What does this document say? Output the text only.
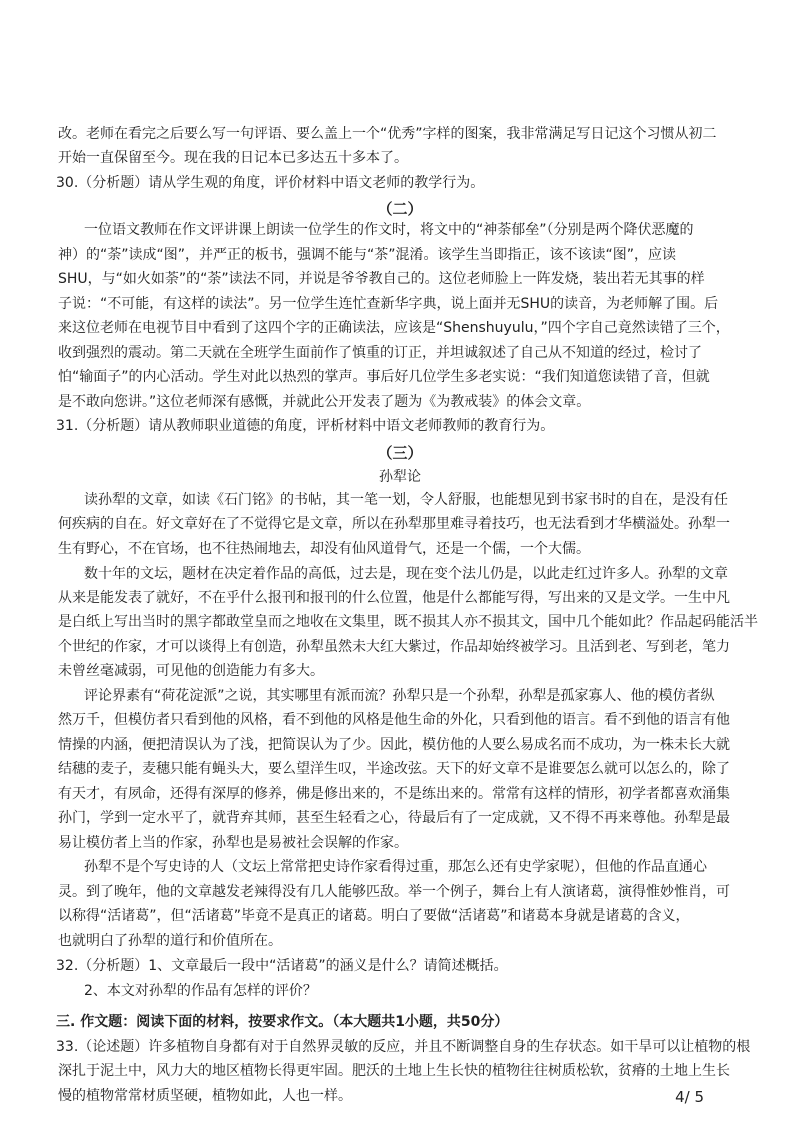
改。老师在看完之后要么写一句评语、要么盖上一个“优秀”字样的图案，我非常满足写日记这个习惯从初二
开始一直保留至今。现在我的日记本已多达五十多本了。
30.（分析题）请从学生观的角度，评价材料中语文老师的教学行为。
（二）
一位语文教师在作文评讲课上朗读一位学生的作文时，将文中的“神荼郁垒”（分别是两个降伏恶魔的
神）的“荼”读成“图”，并严正的板书，强调不能与“茶”混淆。该学生当即指正，该不该读“图”，应读
SHU，与“如火如荼”的“荼”读法不同，并说是爷爷教自己的。这位老师脸上一阵发烧，装出若无其事的样
子说：“不可能，有这样的读法”。另一位学生连忙查新华字典，说上面并无SHU的读音，为老师解了围。后
来这位老师在电视节目中看到了这四个字的正确读法，应该是“Shenshuyulu，”四个字自己竟然读错了三个，
收到强烈的震动。第二天就在全班学生面前作了慎重的订正，并坦诚叙述了自己从不知道的经过，检讨了
怕“输面子”的内心活动。学生对此以热烈的掌声。事后好几位学生多老实说：“我们知道您读错了音，但就
是不敢向您讲。”这位老师深有感慨，并就此公开发表了题为《为教戒装》的体会文章。
31.（分析题）请从教师职业道德的角度，评析材料中语文老师教师的教育行为。
（三）
孙犁论
读孙犁的文章，如读《石门铭》的书帖，其一笔一划，令人舒服，也能想见到书家书时的自在，是没有任
何疾病的自在。好文章好在了不觉得它是文章，所以在孙犁那里难寻着技巧，也无法看到才华横溢处。孙犁一
生有野心，不在官场，也不往热闹地去，却没有仙风道骨气，还是一个儒，一个大儒。
数十年的文坛，题材在决定着作品的高低，过去是，现在变个法儿仍是，以此走红过许多人。孙犁的文章
从来是能发表了就好，不在乎什么报刊和报刊的什么位置，他是什么都能写得，写出来的又是文学。一生中凡
是白纸上写出当时的黑字都敢堂皇而之地收在文集里，既不损其人亦不损其文，国中几个能如此？作品起码能活半
个世纪的作家，才可以谈得上有创造，孙犁虽然未大红大紫过，作品却始终被学习。且活到老、写到老，笔力
未曾丝毫减弱，可见他的创造能力有多大。
评论界素有“荷花淀派”之说，其实哪里有派而流？孙犁只是一个孙犁，孙犁是孤家寡人、他的模仿者纵
然万千，但模仿者只看到他的风格，看不到他的风格是他生命的外化，只看到他的语言。看不到他的语言有他
情操的内涵，便把清误认为了浅，把简误认为了少。因此，模仿他的人要么易成名而不成功，为一株未长大就
结穗的麦子，麦穗只能有蝇头大，要么望洋生叹，半途改弦。天下的好文章不是谁要怎么就可以怎么的，除了
有天才，有夙命，还得有深厚的修养，佛是修出来的，不是练出来的。常常有这样的情形，初学者都喜欢涌集
孙门，学到一定水平了，就背弃其师，甚至生轻看之心，待最后有了一定成就，又不得不再来尊他。孙犁是最
易让模仿者上当的作家，孙犁也是易被社会误解的作家。
孙犁不是个写史诗的人（文坛上常常把史诗作家看得过重，那怎么还有史学家呢），但他的作品直通心
灵。到了晚年，他的文章越发老辣得没有几人能够匹敌。举一个例子，舞台上有人演诸葛，演得惟妙惟肖，可
以称得“活诸葛”，但“活诸葛”毕竟不是真正的诸葛。明白了要做“活诸葛”和诸葛本身就是诸葛的含义，
也就明白了孙犁的道行和价值所在。
32.（分析题）1、文章最后一段中“活诸葛”的涵义是什么？请简述概括。
2、本文对孙犁的作品有怎样的评价？
三. 作文题：阅读下面的材料，按要求作文。（本大题共1小题，共50分）
33.（论述题）许多植物自身都有对于自然界灵敏的反应，并且不断调整自身的生存状态。如干旱可以让植物的根
深扎于泥土中，风力大的地区植物长得更牢固。肥沃的土地上生长快的植物往往树质松软，贫瘠的土地上生长
慢的植物常常材质坚硬，植物如此，人也一样。	4/ 5
